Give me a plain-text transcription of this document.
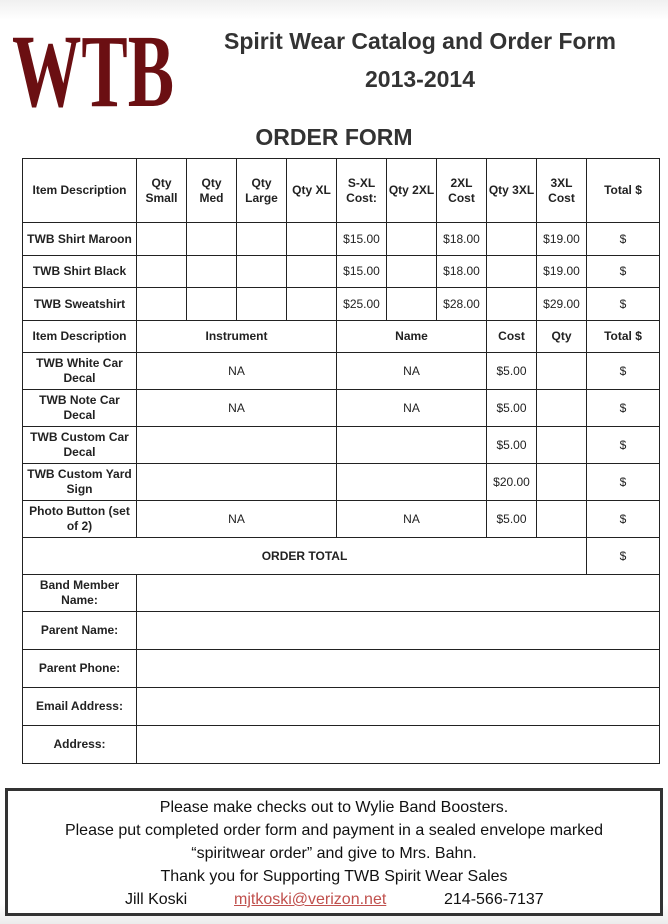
WTB	Spirit Wear Catalog and Order Form
2013-2014
ORDER FORM
Item Description	Qty Small	Qty Med	Qty Large	Qty XL	S-XL Cost:	Qty 2XL	2XL Cost	Qty 3XL	3XL Cost	Total $
TWB Shirt Maroon					$15.00		$18.00		$19.00	$
TWB Shirt Black					$15.00		$18.00		$19.00	$
TWB Sweatshirt					$25.00		$28.00		$29.00	$
Item Description	Instrument				Name			Cost	Qty	Total $
TWB White Car Decal	NA				NA			$5.00		$
TWB Note Car Decal	NA				NA			$5.00		$
TWB Custom Car Decal								$5.00		$
TWB Custom Yard Sign								$20.00		$
Photo Button (set of 2)	NA				NA			$5.00		$
ORDER TOTAL										$
Band Member Name:										
Parent Name:										
Parent Phone:										
Email Address:										
Address:										
Please make checks out to Wylie Band Boosters.
Please put completed order form and payment in a sealed envelope marked
“spiritwear order” and give to Mrs. Bahn.
Thank you for Supporting TWB Spirit Wear Sales
Jill Koski	mjtkoski@verizon.net	214-566-7137
